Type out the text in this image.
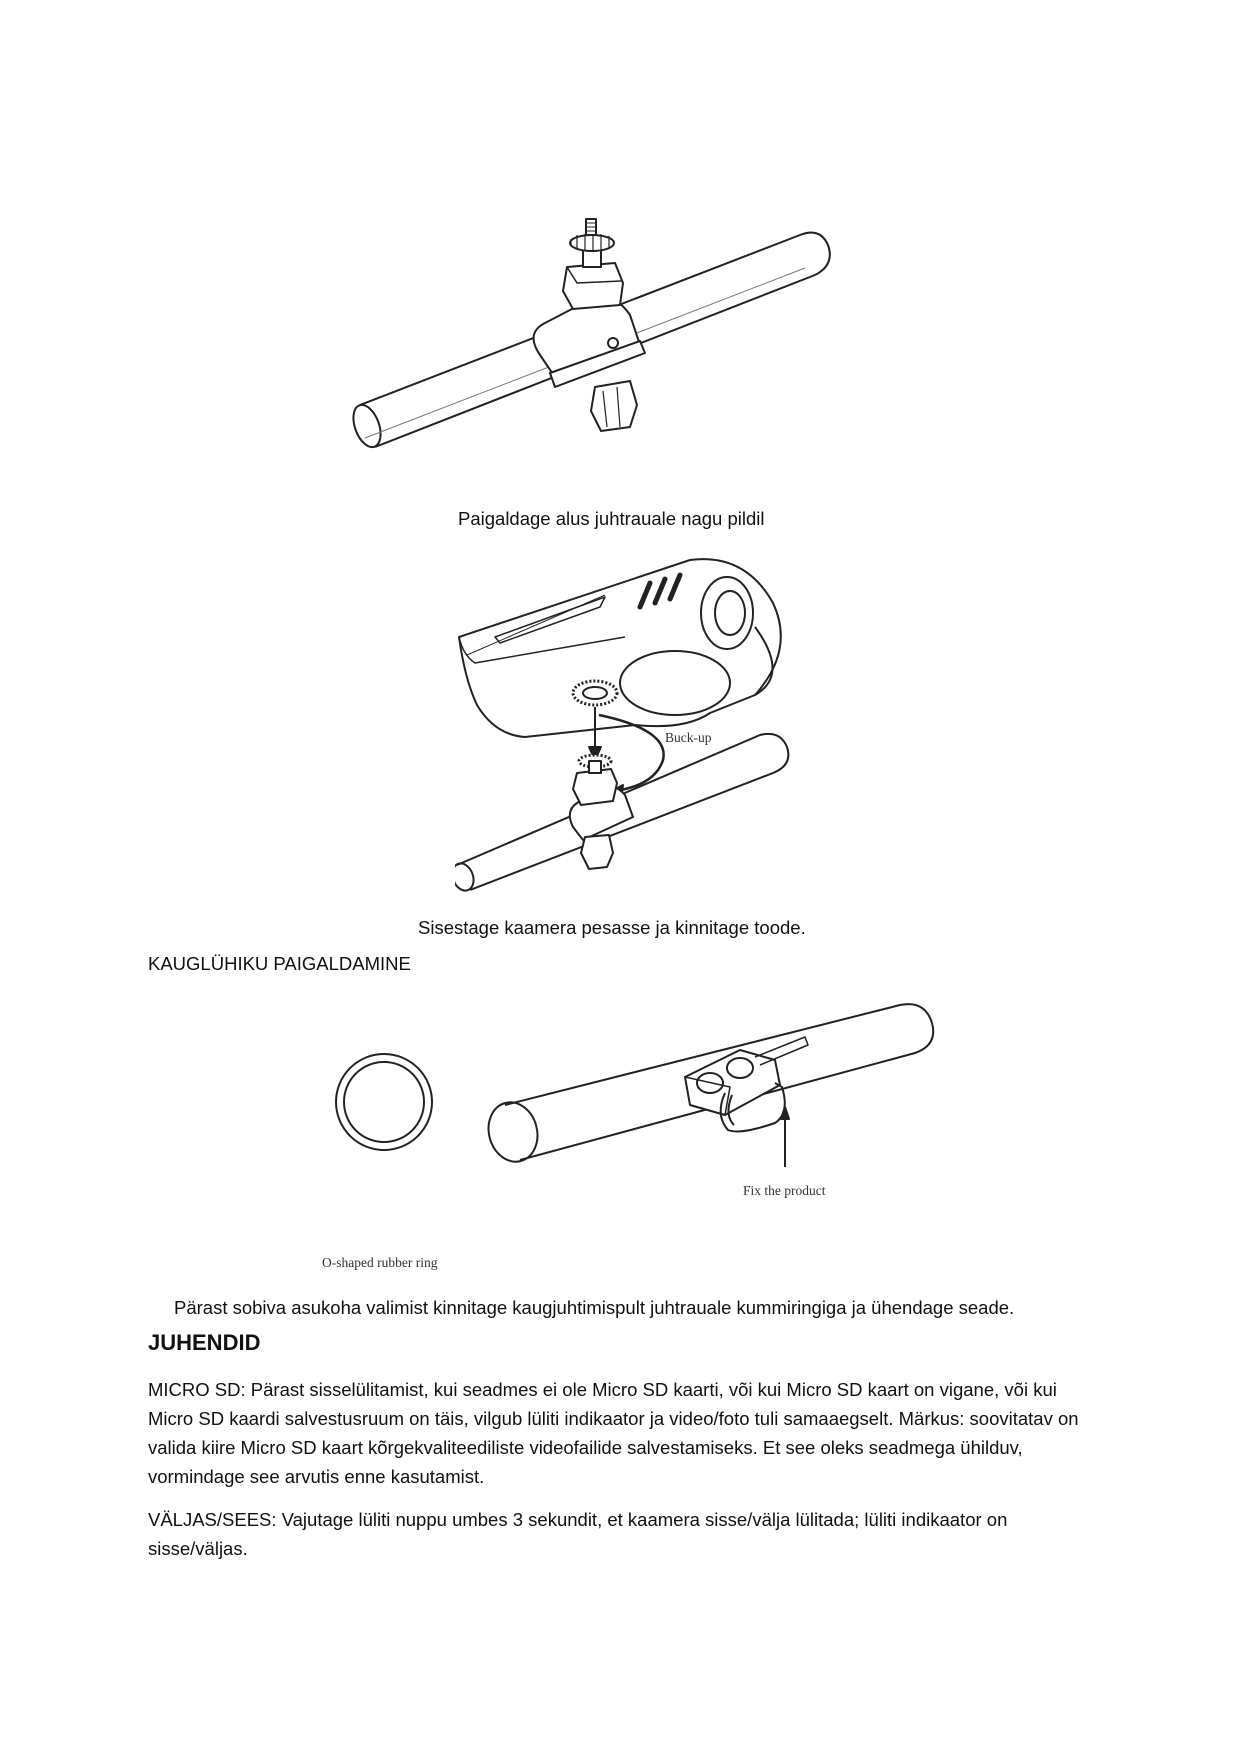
Paigaldage alus juhtrauale nagu pildil
Buck-up
Sisestage kaamera pesasse ja kinnitage toode.
KAUGLÜHIKU PAIGALDAMINE
O-shaped rubber ring
Fix the product
Pärast sobiva asukoha valimist kinnitage kaugjuhtimispult juhtrauale kummiringiga ja ühendage seade.
JUHENDID

MICRO SD: Pärast sisselülitamist, kui seadmes ei ole Micro SD kaarti, või kui Micro SD kaart on vigane, või kui Micro SD kaardi salvestusruum on täis, vilgub lüliti indikaator ja video/foto tuli samaaegselt. Märkus: soovitatav on valida kiire Micro SD kaart kõrgekvaliteediliste videofailide salvestamiseks. Et see oleks seadmega ühilduv, vormindage see arvutis enne kasutamist.

VÄLJAS/SEES: Vajutage lüliti nuppu umbes 3 sekundit, et kaamera sisse/välja lülitada; lüliti indikaator on sisse/väljas.
